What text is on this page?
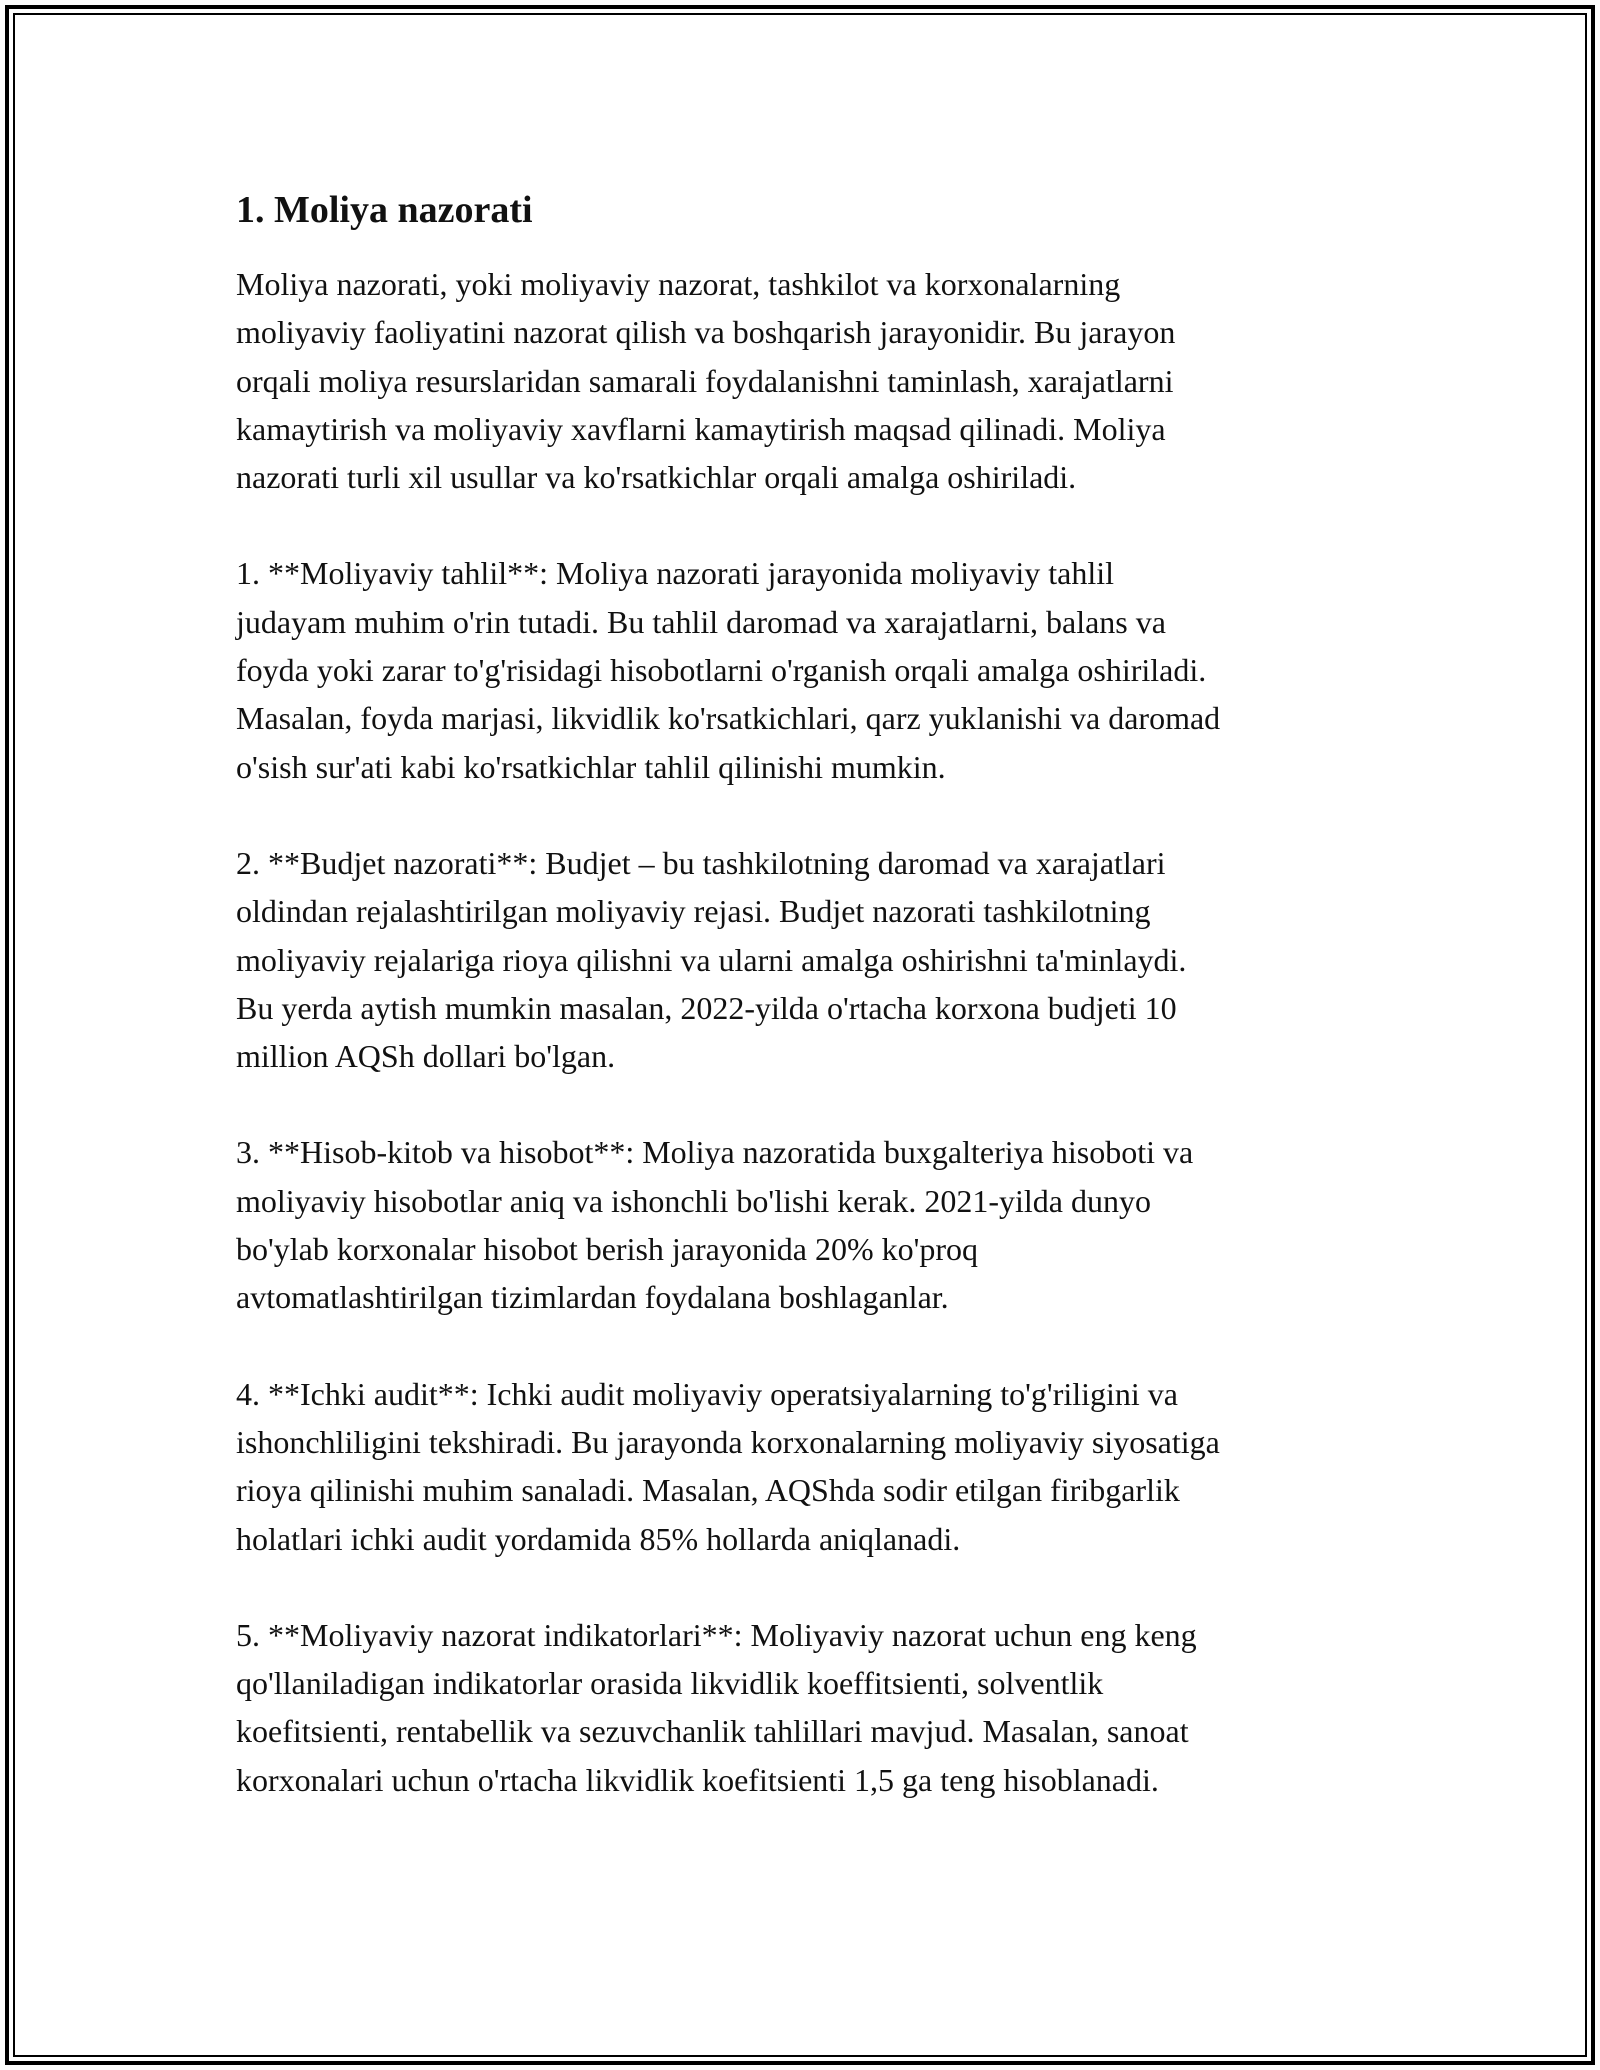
1. Moliya nazorati

Moliya nazorati, yoki moliyaviy nazorat, tashkilot va korxonalarning
moliyaviy faoliyatini nazorat qilish va boshqarish jarayonidir. Bu jarayon
orqali moliya resurslaridan samarali foydalanishni taminlash, xarajatlarni
kamaytirish va moliyaviy xavflarni kamaytirish maqsad qilinadi. Moliya
nazorati turli xil usullar va ko'rsatkichlar orqali amalga oshiriladi.

1. **Moliyaviy tahlil**: Moliya nazorati jarayonida moliyaviy tahlil
judayam muhim o'rin tutadi. Bu tahlil daromad va xarajatlarni, balans va
foyda yoki zarar to'g'risidagi hisobotlarni o'rganish orqali amalga oshiriladi.
Masalan, foyda marjasi, likvidlik ko'rsatkichlari, qarz yuklanishi va daromad
o'sish sur'ati kabi ko'rsatkichlar tahlil qilinishi mumkin.

2. **Budjet nazorati**: Budjet – bu tashkilotning daromad va xarajatlari
oldindan rejalashtirilgan moliyaviy rejasi. Budjet nazorati tashkilotning
moliyaviy rejalariga rioya qilishni va ularni amalga oshirishni ta'minlaydi.
Bu yerda aytish mumkin masalan, 2022-yilda o'rtacha korxona budjeti 10
million AQSh dollari bo'lgan.

3. **Hisob-kitob va hisobot**: Moliya nazoratida buxgalteriya hisoboti va
moliyaviy hisobotlar aniq va ishonchli bo'lishi kerak. 2021-yilda dunyo
bo'ylab korxonalar hisobot berish jarayonida 20% ko'proq
avtomatlashtirilgan tizimlardan foydalana boshlaganlar.

4. **Ichki audit**: Ichki audit moliyaviy operatsiyalarning to'g'riligini va
ishonchliligini tekshiradi. Bu jarayonda korxonalarning moliyaviy siyosatiga
rioya qilinishi muhim sanaladi. Masalan, AQShda sodir etilgan firibgarlik
holatlari ichki audit yordamida 85% hollarda aniqlanadi.

5. **Moliyaviy nazorat indikatorlari**: Moliyaviy nazorat uchun eng keng
qo'llaniladigan indikatorlar orasida likvidlik koeffitsienti, solventlik
koefitsienti, rentabellik va sezuvchanlik tahlillari mavjud. Masalan, sanoat
korxonalari uchun o'rtacha likvidlik koefitsienti 1,5 ga teng hisoblanadi.
